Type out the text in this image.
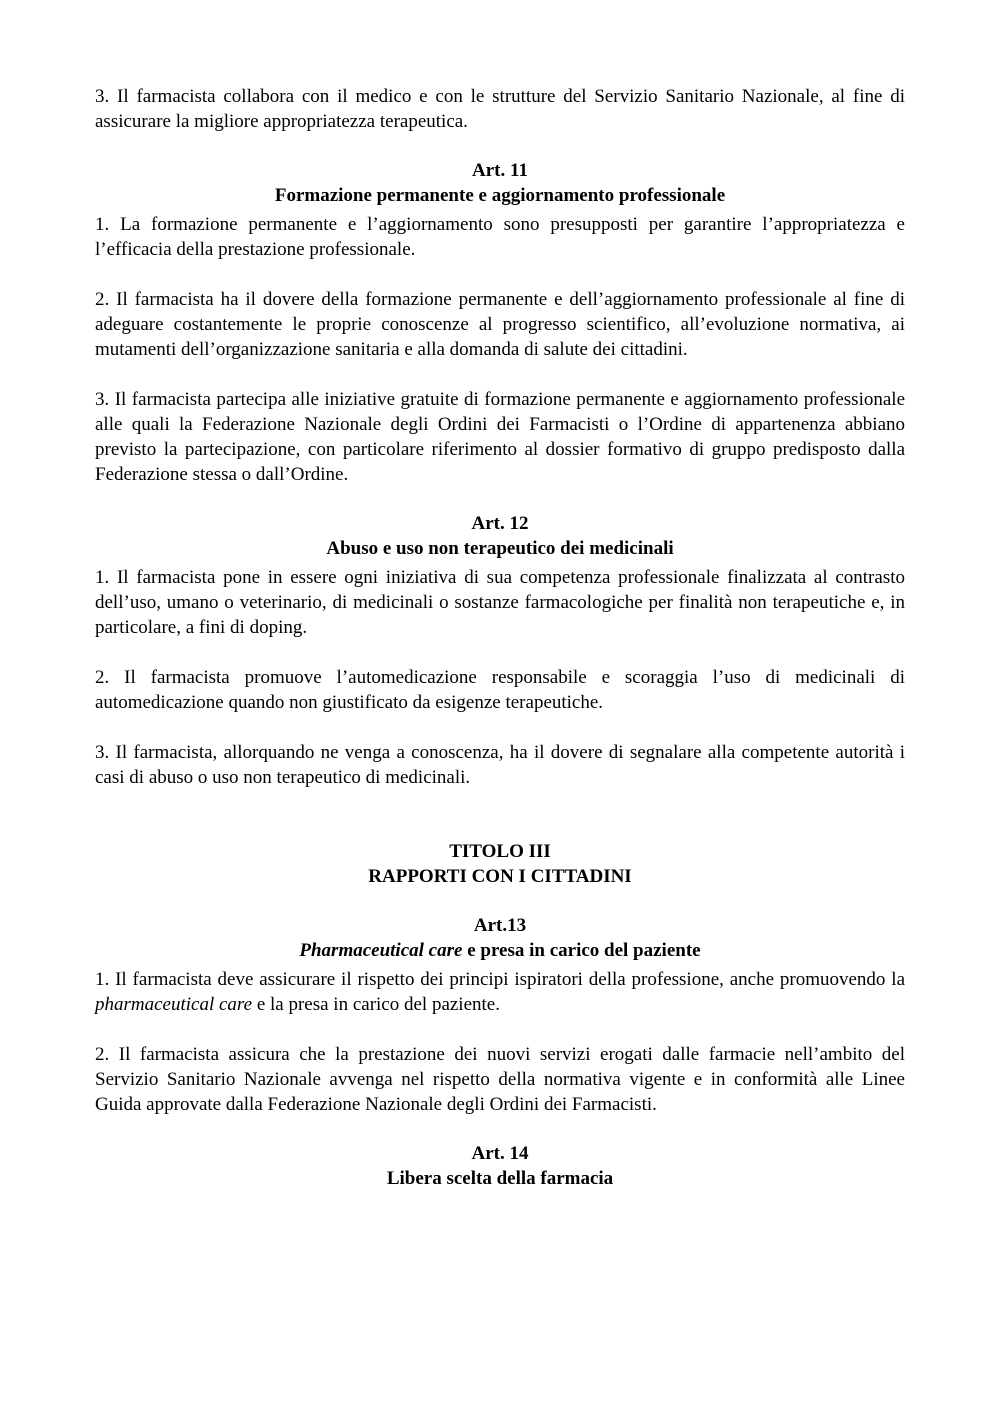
3. Il farmacista collabora con il medico e con le strutture del Servizio Sanitario Nazionale, al fine di assicurare la migliore appropriatezza terapeutica.

Art. 11

Formazione permanente e aggiornamento professionale

1. La formazione permanente e l’aggiornamento sono presupposti per garantire l’appropriatezza e l’efficacia della prestazione professionale.

2. Il farmacista ha il dovere della formazione permanente e dell’aggiornamento professionale al fine di adeguare costantemente le proprie conoscenze al progresso scientifico, all’evoluzione normativa, ai mutamenti dell’organizzazione sanitaria e alla domanda di salute dei cittadini.

3. Il farmacista partecipa alle iniziative gratuite di formazione permanente e aggiornamento professionale alle quali la Federazione Nazionale degli Ordini dei Farmacisti o l’Ordine di appartenenza abbiano previsto la partecipazione, con particolare riferimento al dossier formativo di gruppo predisposto dalla Federazione stessa o dall’Ordine.

Art. 12

Abuso e uso non terapeutico dei medicinali

1. Il farmacista pone in essere ogni iniziativa di sua competenza professionale finalizzata al contrasto dell’uso, umano o veterinario, di medicinali o sostanze farmacologiche per finalità non terapeutiche e, in particolare, a fini di doping.

2. Il farmacista promuove l’automedicazione responsabile e scoraggia l’uso di medicinali di automedicazione quando non giustificato da esigenze terapeutiche.

3. Il farmacista, allorquando ne venga a conoscenza, ha il dovere di segnalare alla competente autorità i casi di abuso o uso non terapeutico di medicinali.

TITOLO III

RAPPORTI CON I CITTADINI

Art.13

Pharmaceutical care e presa in carico del paziente

1. Il farmacista deve assicurare il rispetto dei principi ispiratori della professione, anche promuovendo la pharmaceutical care e la presa in carico del paziente.

2. Il farmacista assicura che la prestazione dei nuovi servizi erogati dalle farmacie nell’ambito del Servizio Sanitario Nazionale avvenga nel rispetto della normativa vigente e in conformità alle Linee Guida approvate dalla Federazione Nazionale degli Ordini dei Farmacisti.

Art. 14

Libera scelta della farmacia
